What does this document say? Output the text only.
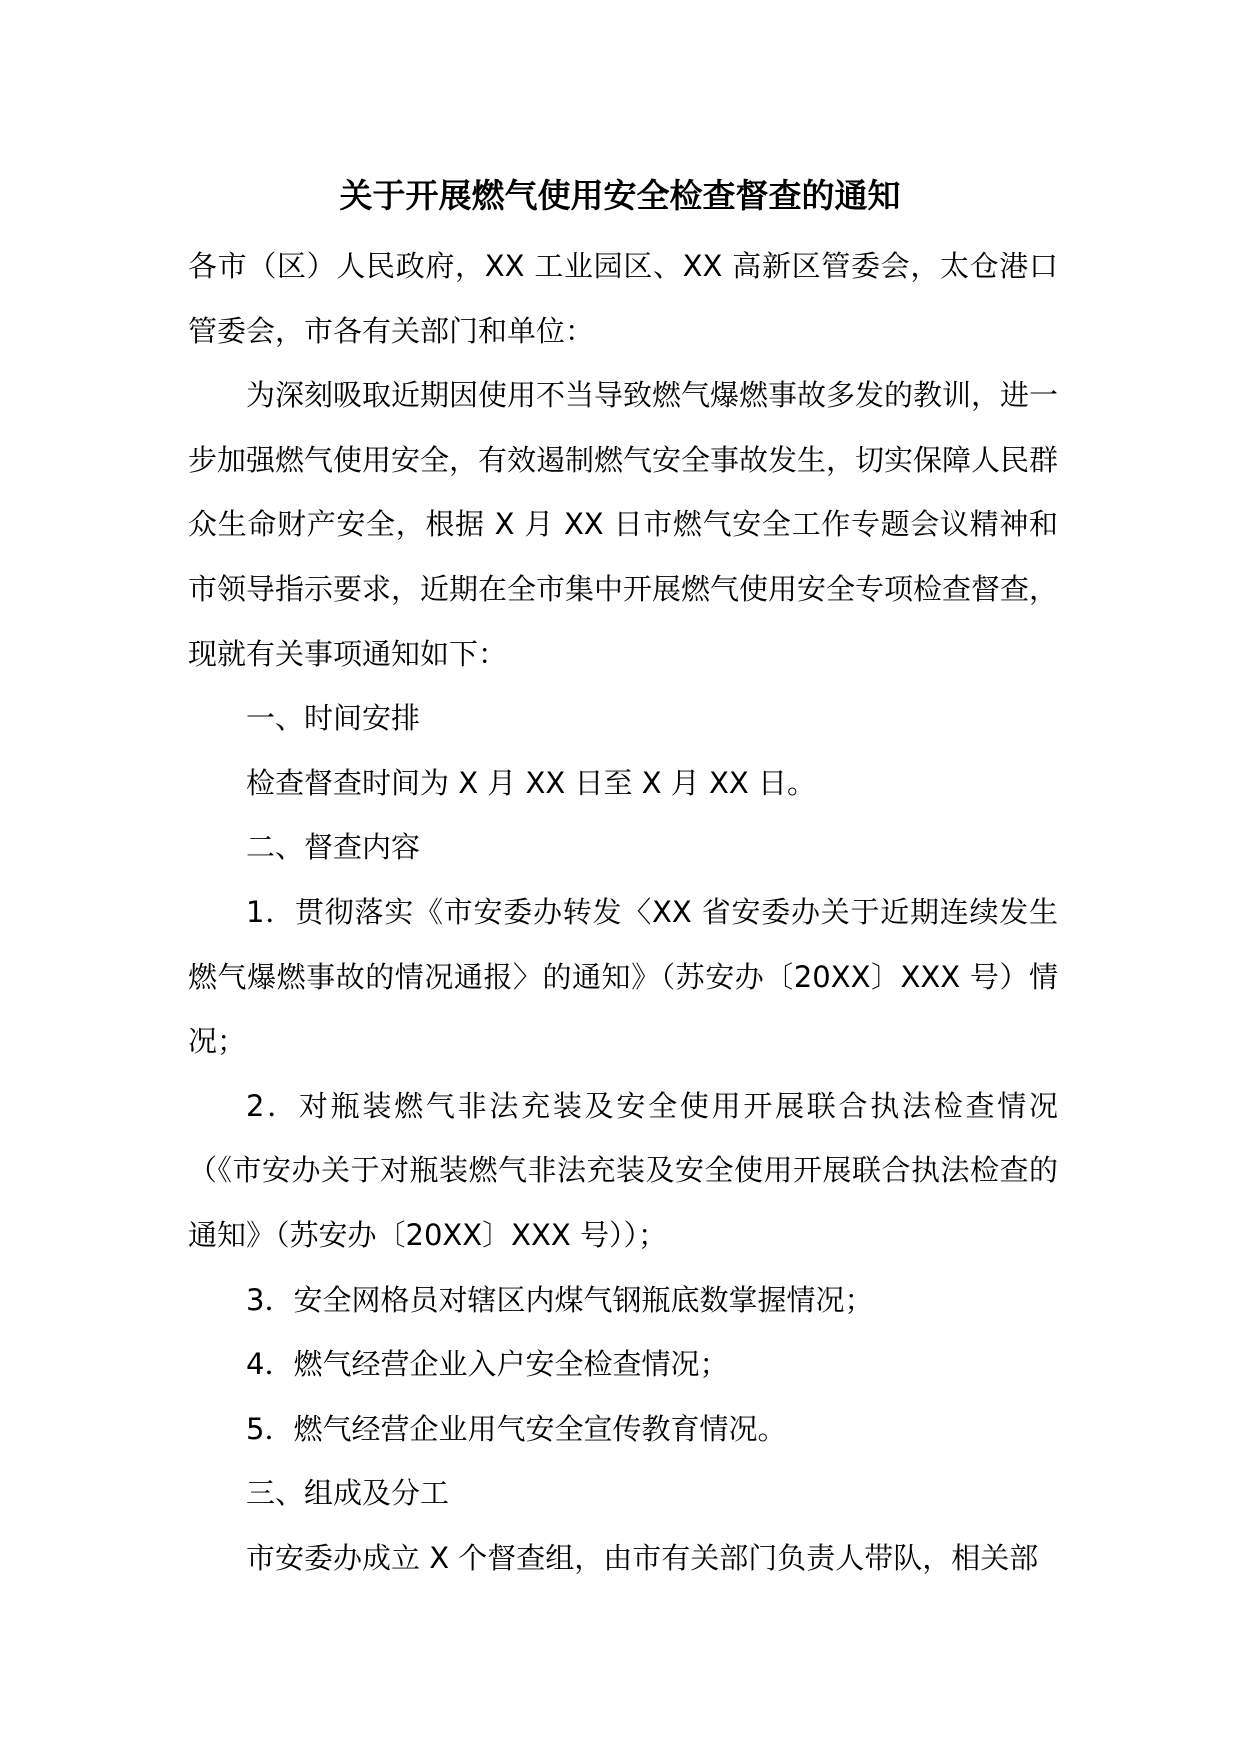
关于开展燃气使用安全检查督查的通知

各市（区）人民政府，XX 工业园区、XX 高新区管委会，太仓港口管委会，市各有关部门和单位：

为深刻吸取近期因使用不当导致燃气爆燃事故多发的教训，进一步加强燃气使用安全，有效遏制燃气安全事故发生，切实保障人民群众生命财产安全，根据 X 月 XX 日市燃气安全工作专题会议精神和市领导指示要求，近期在全市集中开展燃气使用安全专项检查督查，现就有关事项通知如下：

一、时间安排

检查督查时间为 X 月 XX 日至 X 月 XX 日。

二、督查内容

1．贯彻落实《市安委办转发〈XX 省安委办关于近期连续发生燃气爆燃事故的情况通报〉的通知》（苏安办〔20XX〕XXX 号）情况；

2．对瓶装燃气非法充装及安全使用开展联合执法检查情况（《市安办关于对瓶装燃气非法充装及安全使用开展联合执法检查的通知》（苏安办〔20XX〕XXX 号））；

3．安全网格员对辖区内煤气钢瓶底数掌握情况；

4．燃气经营企业入户安全检查情况；

5．燃气经营企业用气安全宣传教育情况。

三、组成及分工

市安委办成立 X 个督查组，由市有关部门负责人带队，相关部
